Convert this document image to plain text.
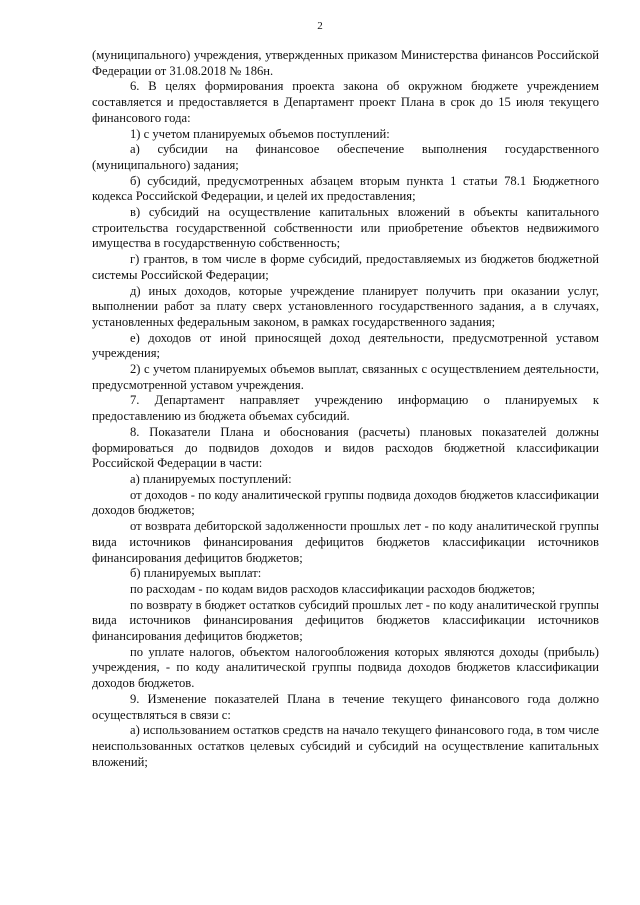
2

(муниципального) учреждения, утвержденных приказом Министерства финансов Российской Федерации от 31.08.2018 № 186н.

6. В целях формирования проекта закона об окружном бюджете учреждением составляется и предоставляется в Департамент проект Плана в срок до 15 июля текущего финансового года:

1) с учетом планируемых объемов поступлений:

а) субсидии на финансовое обеспечение выполнения государственного (муниципального) задания;

б) субсидий, предусмотренных абзацем вторым пункта 1 статьи 78.1 Бюджетного кодекса Российской Федерации, и целей их предоставления;

в) субсидий на осуществление капитальных вложений в объекты капитального строительства государственной собственности или приобретение объектов недвижимого имущества в государственную собственность;

г) грантов, в том числе в форме субсидий, предоставляемых из бюджетов бюджетной системы Российской Федерации;

д) иных доходов, которые учреждение планирует получить при оказании услуг, выполнении работ за плату сверх установленного государственного задания, а в случаях, установленных федеральным законом, в рамках государственного задания;

е) доходов от иной приносящей доход деятельности, предусмотренной уставом учреждения;

2) с учетом планируемых объемов выплат, связанных с осуществлением деятельности, предусмотренной уставом учреждения.

7. Департамент направляет учреждению информацию о планируемых к предоставлению из бюджета объемах субсидий.

8. Показатели Плана и обоснования (расчеты) плановых показателей должны формироваться до подвидов доходов и видов расходов бюджетной классификации Российской Федерации в части:

а) планируемых поступлений:

от доходов - по коду аналитической группы подвида доходов бюджетов классификации доходов бюджетов;

от возврата дебиторской задолженности прошлых лет - по коду аналитической группы вида источников финансирования дефицитов бюджетов классификации источников финансирования дефицитов бюджетов;

б) планируемых выплат:

по расходам - по кодам видов расходов классификации расходов бюджетов;

по возврату в бюджет остатков субсидий прошлых лет - по коду аналитической группы вида источников финансирования дефицитов бюджетов классификации источников финансирования дефицитов бюджетов;

по уплате налогов, объектом налогообложения которых являются доходы (прибыль) учреждения, - по коду аналитической группы подвида доходов бюджетов классификации доходов бюджетов.

9. Изменение показателей Плана в течение текущего финансового года должно осуществляться в связи с:

а) использованием остатков средств на начало текущего финансового года, в том числе неиспользованных остатков целевых субсидий и субсидий на осуществление капитальных вложений;
